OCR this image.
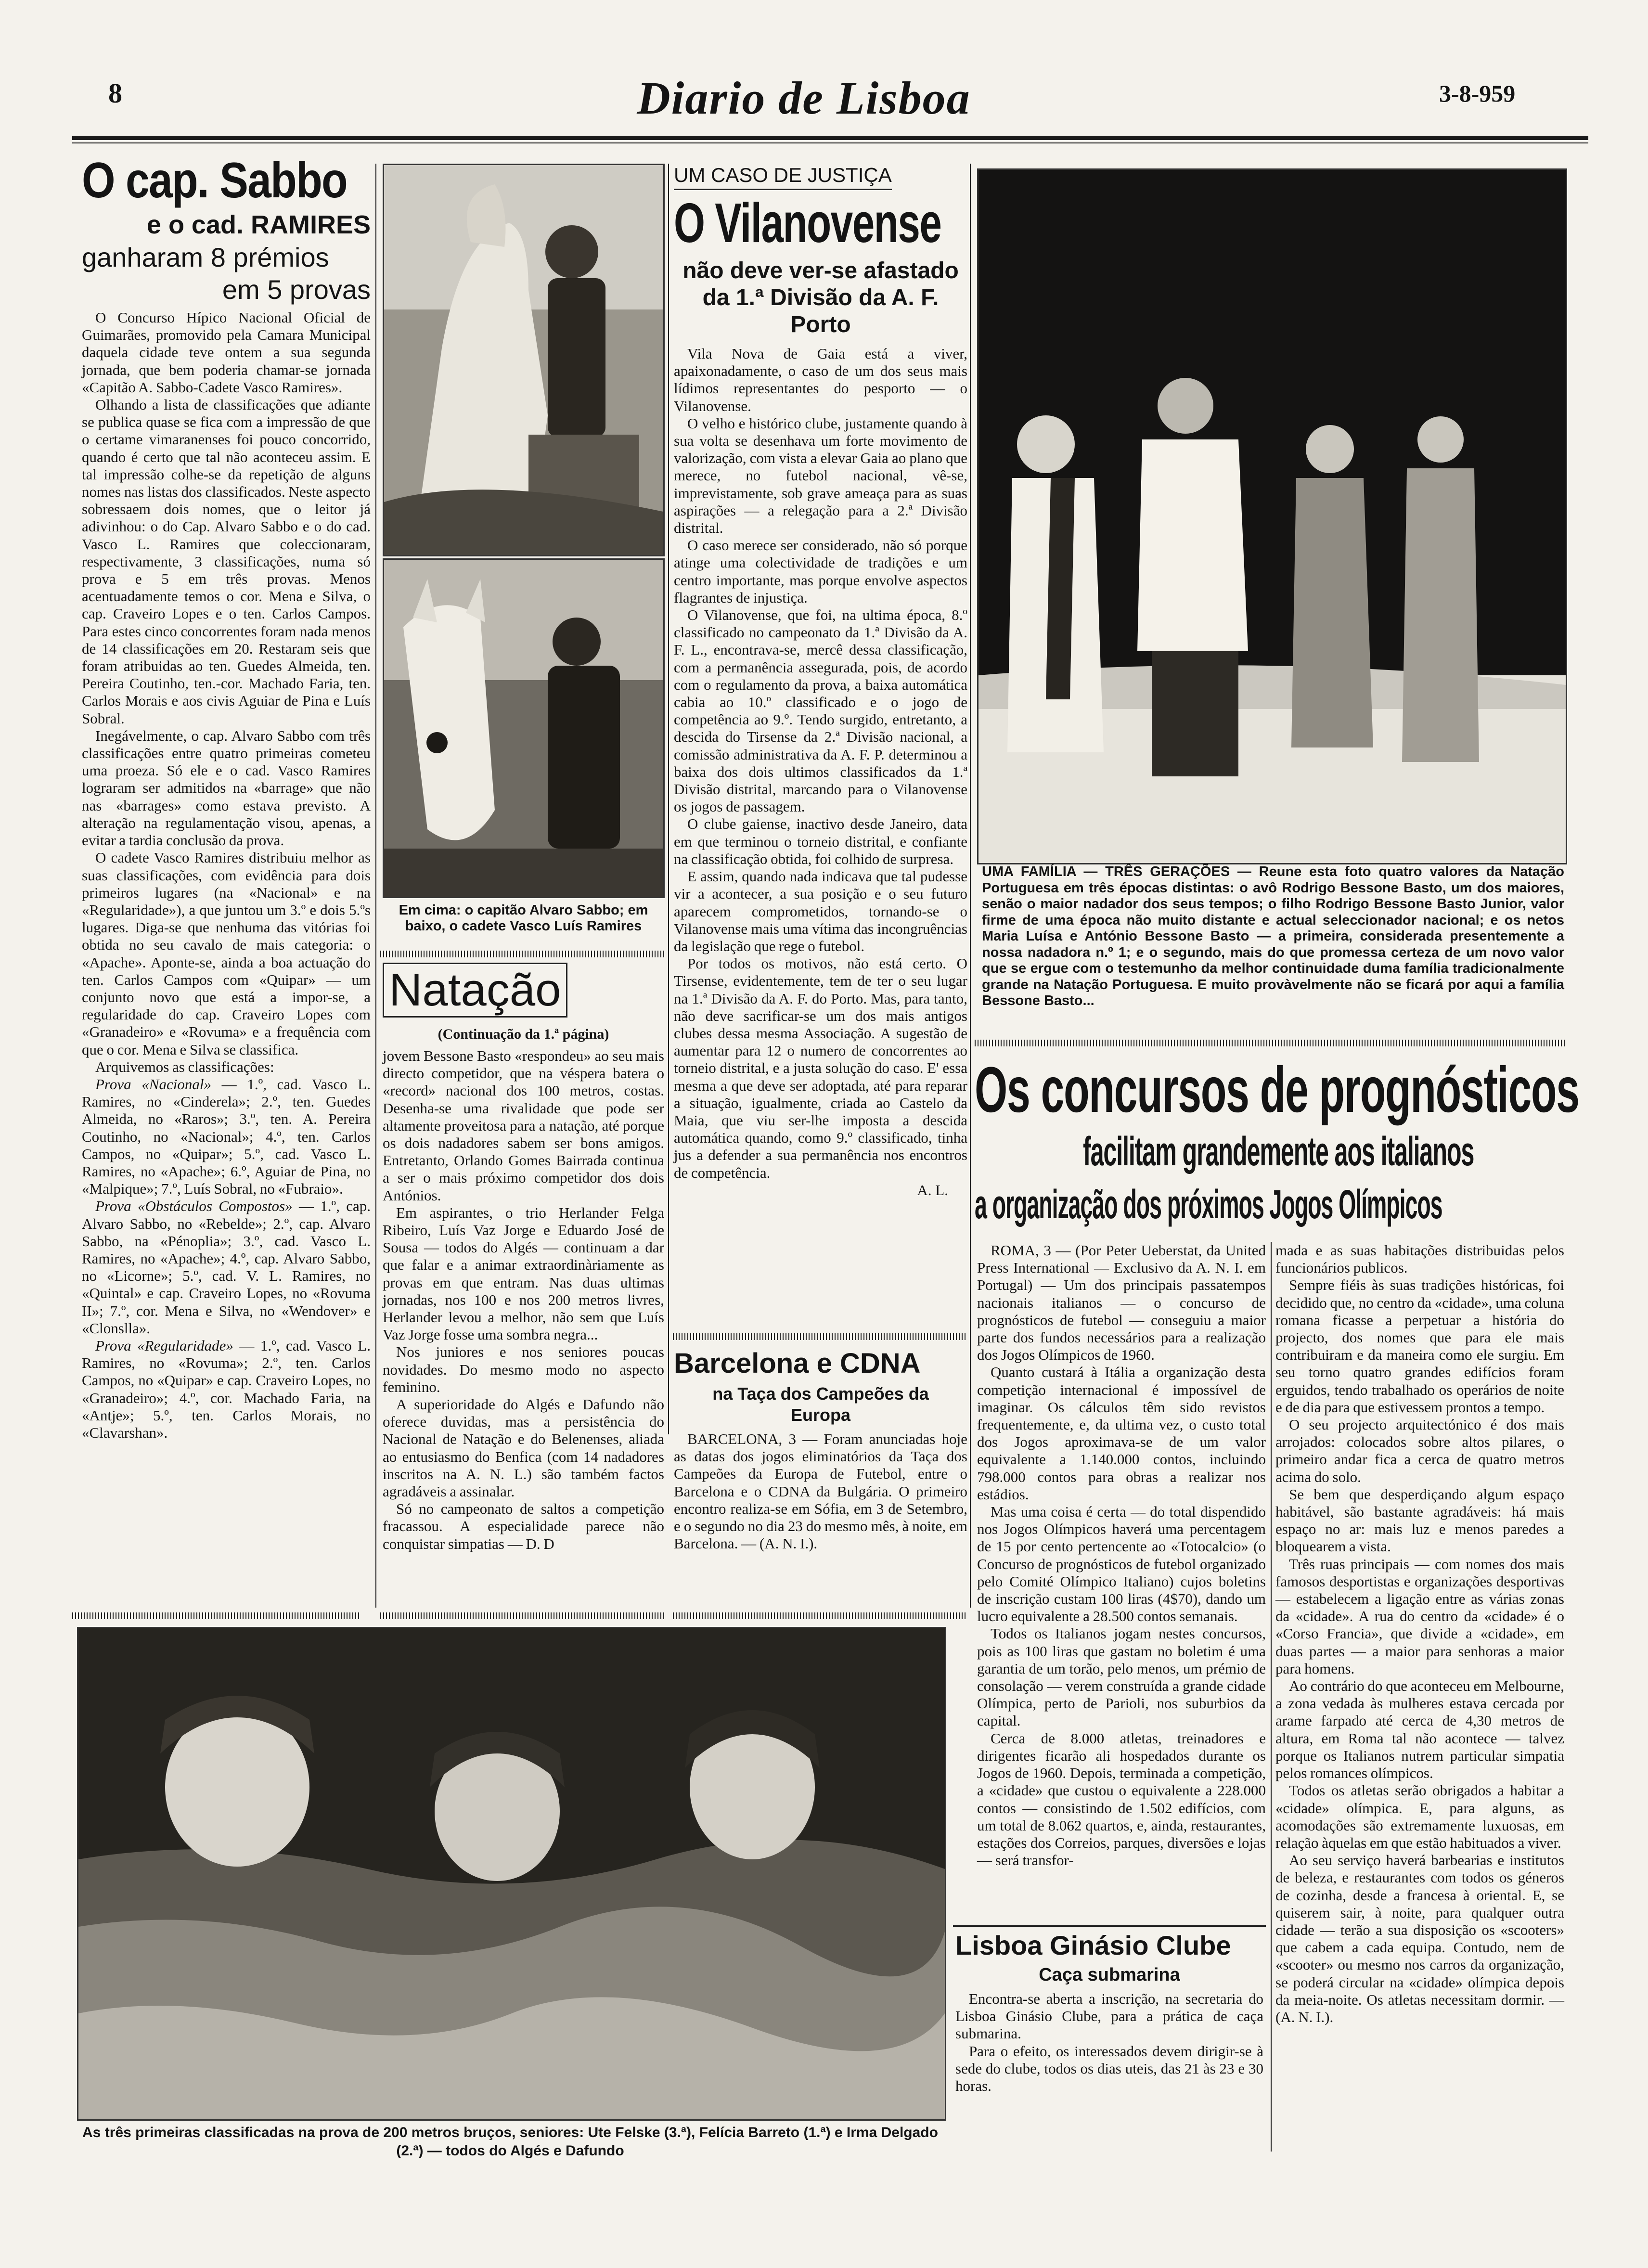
8	Diario de Lisboa	3-8-959
O cap. Sabbo
e o cad. RAMIRES
ganharam 8 prémios
em 5 provas

O Concurso Hípico Nacional Oficial de Guimarães, promovido pela Camara Municipal daquela cidade teve ontem a sua segunda jornada, que bem poderia chamar-se jornada «Capitão A. Sabbo-Cadete Vasco Ramires».

Olhando a lista de classificações que adiante se publica quase se fica com a impressão de que o certame vimaranenses foi pouco concorrido, quando é certo que tal não aconteceu assim. E tal impressão colhe-se da repetição de alguns nomes nas listas dos classificados. Neste aspecto sobressaem dois nomes, que o leitor já adivinhou: o do Cap. Alvaro Sabbo e o do cad. Vasco L. Ramires que coleccionaram, respectivamente, 3 classificações, numa só prova e 5 em três provas. Menos acentuadamente temos o cor. Mena e Silva, o cap. Craveiro Lopes e o ten. Carlos Campos. Para estes cinco concorrentes foram nada menos de 14 classificações em 20. Restaram seis que foram atribuidas ao ten. Guedes Almeida, ten. Pereira Coutinho, ten.-cor. Machado Faria, ten. Carlos Morais e aos civis Aguiar de Pina e Luís Sobral.

Inegávelmente, o cap. Alvaro Sabbo com três classificações entre quatro primeiras cometeu uma proeza. Só ele e o cad. Vasco Ramires lograram ser admitidos na «barrage» que não nas «barrages» como estava previsto. A alteração na regulamentação visou, apenas, a evitar a tardia conclusão da prova.

O cadete Vasco Ramires distribuiu melhor as suas classificações, com evidência para dois primeiros lugares (na «Nacional» e na «Regularidade»), a que juntou um 3.º e dois 5.ºs lugares. Diga-se que nenhuma das vitórias foi obtida no seu cavalo de mais categoria: o «Apache». Aponte-se, ainda a boa actuação do ten. Carlos Campos com «Quipar» — um conjunto novo que está a impor-se, a regularidade do cap. Craveiro Lopes com «Granadeiro» e «Rovuma» e a frequência com que o cor. Mena e Silva se classifica.

Arquivemos as classificações:

Prova «Nacional» — 1.º, cad. Vasco L. Ramires, no «Cinderela»; 2.º, ten. Guedes Almeida, no «Raros»; 3.º, ten. A. Pereira Coutinho, no «Nacional»; 4.º, ten. Carlos Campos, no «Quipar»; 5.º, cad. Vasco L. Ramires, no «Apache»; 6.º, Aguiar de Pina, no «Malpique»; 7.º, Luís Sobral, no «Fubraio».

Prova «Obstáculos Compostos» — 1.º, cap. Alvaro Sabbo, no «Rebelde»; 2.º, cap. Alvaro Sabbo, na «Pénoplia»; 3.º, cad. Vasco L. Ramires, no «Apache»; 4.º, cap. Alvaro Sabbo, no «Licorne»; 5.º, cad. V. L. Ramires, no «Quintal» e cap. Craveiro Lopes, no «Rovuma II»; 7.º, cor. Mena e Silva, no «Wendover» e «Clonslla».

Prova «Regularidade» — 1.º, cad. Vasco L. Ramires, no «Rovuma»; 2.º, ten. Carlos Campos, no «Quipar» e cap. Craveiro Lopes, no «Granadeiro»; 4.º, cor. Machado Faria, na «Antje»; 5.º, ten. Carlos Morais, no «Clavarshan».

Em cima: o capitão Alvaro Sabbo; em baixo, o cadete Vasco Luís Ramires
Natação
(Continuação da 1.ª página)

jovem Bessone Basto «respondeu» ao seu mais directo competidor, que na véspera batera o «record» nacional dos 100 metros, costas. Desenha-se uma rivalidade que pode ser altamente proveitosa para a natação, até porque os dois nadadores sabem ser bons amigos. Entretanto, Orlando Gomes Bairrada continua a ser o mais próximo competidor dos dois Antónios.

Em aspirantes, o trio Herlander Felga Ribeiro, Luís Vaz Jorge e Eduardo José de Sousa — todos do Algés — continuam a dar que falar e a animar extraordinàriamente as provas em que entram. Nas duas ultimas jornadas, nos 100 e nos 200 metros livres, Herlander levou a melhor, não sem que Luís Vaz Jorge fosse uma sombra negra...

Nos juniores e nos seniores poucas novidades. Do mesmo modo no aspecto feminino.

A superioridade do Algés e Dafundo não oferece duvidas, mas a persistência do Nacional de Natação e do Belenenses, aliada ao entusiasmo do Benfica (com 14 nadadores inscritos na A. N. L.) são também factos agradáveis a assinalar.

Só no campeonato de saltos a competição fracassou. A especialidade parece não conquistar simpatias — D. D

UM CASO DE JUSTIÇA
O Vilanovense
não deve ver-se afastado da 1.ª Divisão da A. F. Porto

Vila Nova de Gaia está a viver, apaixonadamente, o caso de um dos seus mais lídimos representantes do pesporto — o Vilanovense.

O velho e histórico clube, justamente quando à sua volta se desenhava um forte movimento de valorização, com vista a elevar Gaia ao plano que merece, no futebol nacional, vê-se, imprevistamente, sob grave ameaça para as suas aspirações — a relegação para a 2.ª Divisão distrital.

O caso merece ser considerado, não só porque atinge uma colectividade de tradições e um centro importante, mas porque envolve aspectos flagrantes de injustiça.

O Vilanovense, que foi, na ultima época, 8.º classificado no campeonato da 1.ª Divisão da A. F. L., encontrava-se, mercê dessa classificação, com a permanência assegurada, pois, de acordo com o regulamento da prova, a baixa automática cabia ao 10.º classificado e o jogo de competência ao 9.º. Tendo surgido, entretanto, a descida do Tirsense da 2.ª Divisão nacional, a comissão administrativa da A. F. P. determinou a baixa dos dois ultimos classificados da 1.ª Divisão distrital, marcando para o Vilanovense os jogos de passagem.

O clube gaiense, inactivo desde Janeiro, data em que terminou o torneio distrital, e confiante na classificação obtida, foi colhido de surpresa.

E assim, quando nada indicava que tal pudesse vir a acontecer, a sua posição e o seu futuro aparecem comprometidos, tornando-se o Vilanovense mais uma vítima das incongruências da legislação que rege o futebol.

Por todos os motivos, não está certo. O Tirsense, evidentemente, tem de ter o seu lugar na 1.ª Divisão da A. F. do Porto. Mas, para tanto, não deve sacrificar-se um dos mais antigos clubes dessa mesma Associação. A sugestão de aumentar para 12 o numero de concorrentes ao torneio distrital, e a justa solução do caso. E' essa mesma a que deve ser adoptada, até para reparar a situação, igualmente, criada ao Castelo da Maia, que viu ser-lhe imposta a descida automática quando, como 9.º classificado, tinha jus a defender a sua permanência nos encontros de competência.

A. L.
Barcelona e CDNA
na Taça dos Campeões da Europa

BARCELONA, 3 — Foram anunciadas hoje as datas dos jogos eliminatórios da Taça dos Campeões da Europa de Futebol, entre o Barcelona e o CDNA da Bulgária. O primeiro encontro realiza-se em Sófia, em 3 de Setembro, e o segundo no dia 23 do mesmo mês, à noite, em Barcelona. — (A. N. I.).

UMA FAMÍLIA — TRÊS GERAÇÕES — Reune esta foto quatro valores da Natação Portuguesa em três épocas distintas: o avô Rodrigo Bessone Basto, um dos maiores, senão o maior nadador dos seus tempos; o filho Rodrigo Bessone Basto Junior, valor firme de uma época não muito distante e actual seleccionador nacional; e os netos Maria Luísa e António Bessone Basto — a primeira, considerada presentemente a nossa nadadora n.º 1; e o segundo, mais do que promessa certeza de um novo valor que se ergue com o testemunho da melhor continuidade duma família tradicionalmente grande na Natação Portuguesa. E muito provàvelmente não se ficará por aqui a família Bessone Basto...
Os concursos de prognósticos
facilitam grandemente aos italianos
a organização dos próximos Jogos Olímpicos

ROMA, 3 — (Por Peter Ueberstat, da United Press International — Exclusivo da A. N. I. em Portugal) — Um dos principais passatempos nacionais italianos — o concurso de prognósticos de futebol — conseguiu a maior parte dos fundos necessários para a realização dos Jogos Olímpicos de 1960.

Quanto custará à Itália a organização desta competição internacional é impossível de imaginar. Os cálculos têm sido revistos frequentemente, e, da ultima vez, o custo total dos Jogos aproximava-se de um valor equivalente a 1.140.000 contos, incluindo 798.000 contos para obras a realizar nos estádios.

Mas uma coisa é certa — do total dispendido nos Jogos Olímpicos haverá uma percentagem de 15 por cento pertencente ao «Totocalcio» (o Concurso de prognósticos de futebol organizado pelo Comité Olímpico Italiano) cujos boletins de inscrição custam 100 liras (4$70), dando um lucro equivalente a 28.500 contos semanais.

Todos os Italianos jogam nestes concursos, pois as 100 liras que gastam no boletim é uma garantia de um torão, pelo menos, um prémio de consolação — verem construída a grande cidade Olímpica, perto de Parioli, nos suburbios da capital.

Cerca de 8.000 atletas, treinadores e dirigentes ficarão ali hospedados durante os Jogos de 1960. Depois, terminada a competição, a «cidade» que custou o equivalente a 228.000 contos — consistindo de 1.502 edifícios, com um total de 8.062 quartos, e, ainda, restaurantes, estações dos Correios, parques, diversões e lojas — será transfor-

mada e as suas habitações distribuidas pelos funcionários publicos.

Sempre fiéis às suas tradições históricas, foi decidido que, no centro da «cidade», uma coluna romana ficasse a perpetuar a história do projecto, dos nomes que para ele mais contribuiram e da maneira como ele surgiu. Em seu torno quatro grandes edifícios foram erguidos, tendo trabalhado os operários de noite e de dia para que estivessem prontos a tempo.

O seu projecto arquitectónico é dos mais arrojados: colocados sobre altos pilares, o primeiro andar fica a cerca de quatro metros acima do solo.

Se bem que desperdiçando algum espaço habitável, são bastante agradáveis: há mais espaço no ar: mais luz e menos paredes a bloquearem a vista.

Três ruas principais — com nomes dos mais famosos desportistas e organizações desportivas — estabelecem a ligação entre as várias zonas da «cidade». A rua do centro da «cidade» é o «Corso Francia», que divide a «cidade», em duas partes — a maior para senhoras a maior para homens.

Ao contrário do que aconteceu em Melbourne, a zona vedada às mulheres estava cercada por arame farpado até cerca de 4,30 metros de altura, em Roma tal não acontece — talvez porque os Italianos nutrem particular simpatia pelos romances olímpicos.

Todos os atletas serão obrigados a habitar a «cidade» olímpica. E, para alguns, as acomodações são extremamente luxuosas, em relação àquelas em que estão habituados a viver.

Ao seu serviço haverá barbearias e institutos de beleza, e restaurantes com todos os géneros de cozinha, desde a francesa à oriental. E, se quiserem sair, à noite, para qualquer outra cidade — terão a sua disposição os «scooters» que cabem a cada equipa. Contudo, nem de «scooter» ou mesmo nos carros da organização, se poderá circular na «cidade» olímpica depois da meia-noite. Os atletas necessitam dormir. — (A. N. I.).

Lisboa Ginásio Clube
Caça submarina

Encontra-se aberta a inscrição, na secretaria do Lisboa Ginásio Clube, para a prática de caça submarina.

Para o efeito, os interessados devem dirigir-se à sede do clube, todos os dias uteis, das 21 às 23 e 30 horas.

As três primeiras classificadas na prova de 200 metros bruços, seniores: Ute Felske (3.ª), Felícia Barreto (1.ª) e Irma Delgado (2.ª) — todos do Algés e Dafundo
